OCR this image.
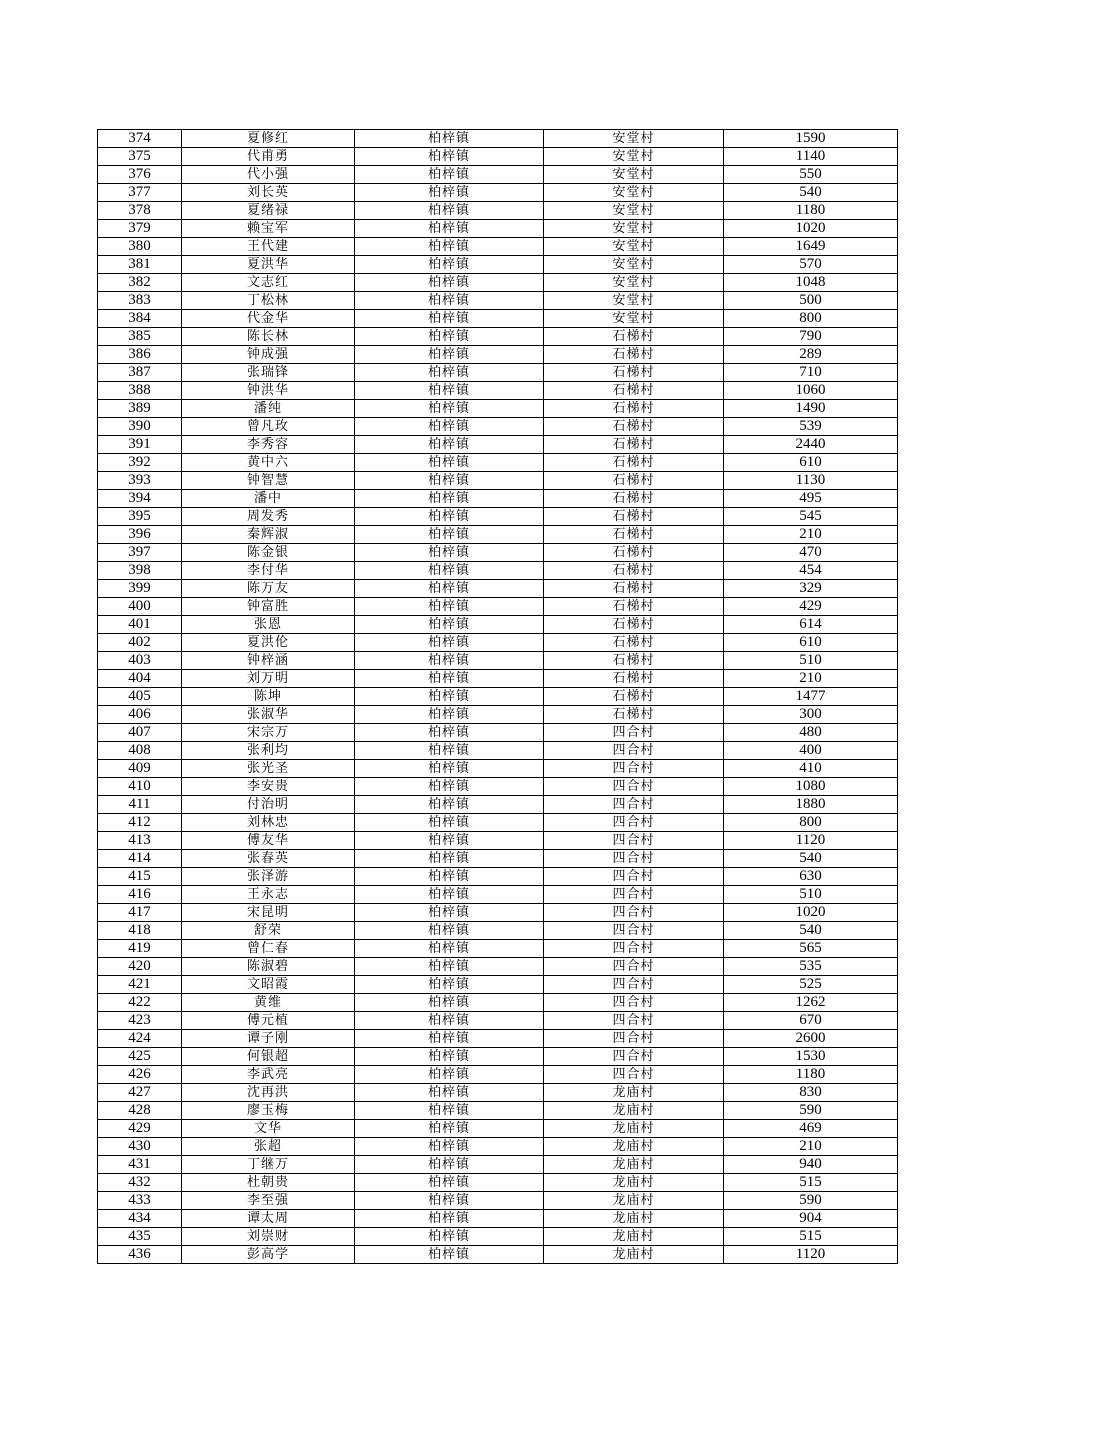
374	夏修红	柏梓镇	安堂村	1590
375	代甫勇	柏梓镇	安堂村	1140
376	代小强	柏梓镇	安堂村	550
377	刘长英	柏梓镇	安堂村	540
378	夏绪禄	柏梓镇	安堂村	1180
379	赖宝军	柏梓镇	安堂村	1020
380	王代建	柏梓镇	安堂村	1649
381	夏洪华	柏梓镇	安堂村	570
382	文志红	柏梓镇	安堂村	1048
383	丁松林	柏梓镇	安堂村	500
384	代金华	柏梓镇	安堂村	800
385	陈长林	柏梓镇	石梯村	790
386	钟成强	柏梓镇	石梯村	289
387	张瑞锋	柏梓镇	石梯村	710
388	钟洪华	柏梓镇	石梯村	1060
389	潘纯	柏梓镇	石梯村	1490
390	曾凡玫	柏梓镇	石梯村	539
391	李秀容	柏梓镇	石梯村	2440
392	黄中六	柏梓镇	石梯村	610
393	钟智慧	柏梓镇	石梯村	1130
394	潘中	柏梓镇	石梯村	495
395	周发秀	柏梓镇	石梯村	545
396	秦辉淑	柏梓镇	石梯村	210
397	陈金银	柏梓镇	石梯村	470
398	李付华	柏梓镇	石梯村	454
399	陈万友	柏梓镇	石梯村	329
400	钟富胜	柏梓镇	石梯村	429
401	张恩	柏梓镇	石梯村	614
402	夏洪伦	柏梓镇	石梯村	610
403	钟梓涵	柏梓镇	石梯村	510
404	刘万明	柏梓镇	石梯村	210
405	陈坤	柏梓镇	石梯村	1477
406	张淑华	柏梓镇	石梯村	300
407	宋宗万	柏梓镇	四合村	480
408	张利均	柏梓镇	四合村	400
409	张光圣	柏梓镇	四合村	410
410	李安贵	柏梓镇	四合村	1080
411	付治明	柏梓镇	四合村	1880
412	刘林忠	柏梓镇	四合村	800
413	傅友华	柏梓镇	四合村	1120
414	张春英	柏梓镇	四合村	540
415	张泽游	柏梓镇	四合村	630
416	王永志	柏梓镇	四合村	510
417	宋昆明	柏梓镇	四合村	1020
418	舒荣	柏梓镇	四合村	540
419	曾仁春	柏梓镇	四合村	565
420	陈淑碧	柏梓镇	四合村	535
421	文昭霞	柏梓镇	四合村	525
422	黄维	柏梓镇	四合村	1262
423	傅元植	柏梓镇	四合村	670
424	谭子刚	柏梓镇	四合村	2600
425	何银超	柏梓镇	四合村	1530
426	李武亮	柏梓镇	四合村	1180
427	沈再洪	柏梓镇	龙庙村	830
428	廖玉梅	柏梓镇	龙庙村	590
429	文华	柏梓镇	龙庙村	469
430	张超	柏梓镇	龙庙村	210
431	丁继万	柏梓镇	龙庙村	940
432	杜朝贵	柏梓镇	龙庙村	515
433	李至强	柏梓镇	龙庙村	590
434	谭太周	柏梓镇	龙庙村	904
435	刘崇财	柏梓镇	龙庙村	515
436	彭高学	柏梓镇	龙庙村	1120
